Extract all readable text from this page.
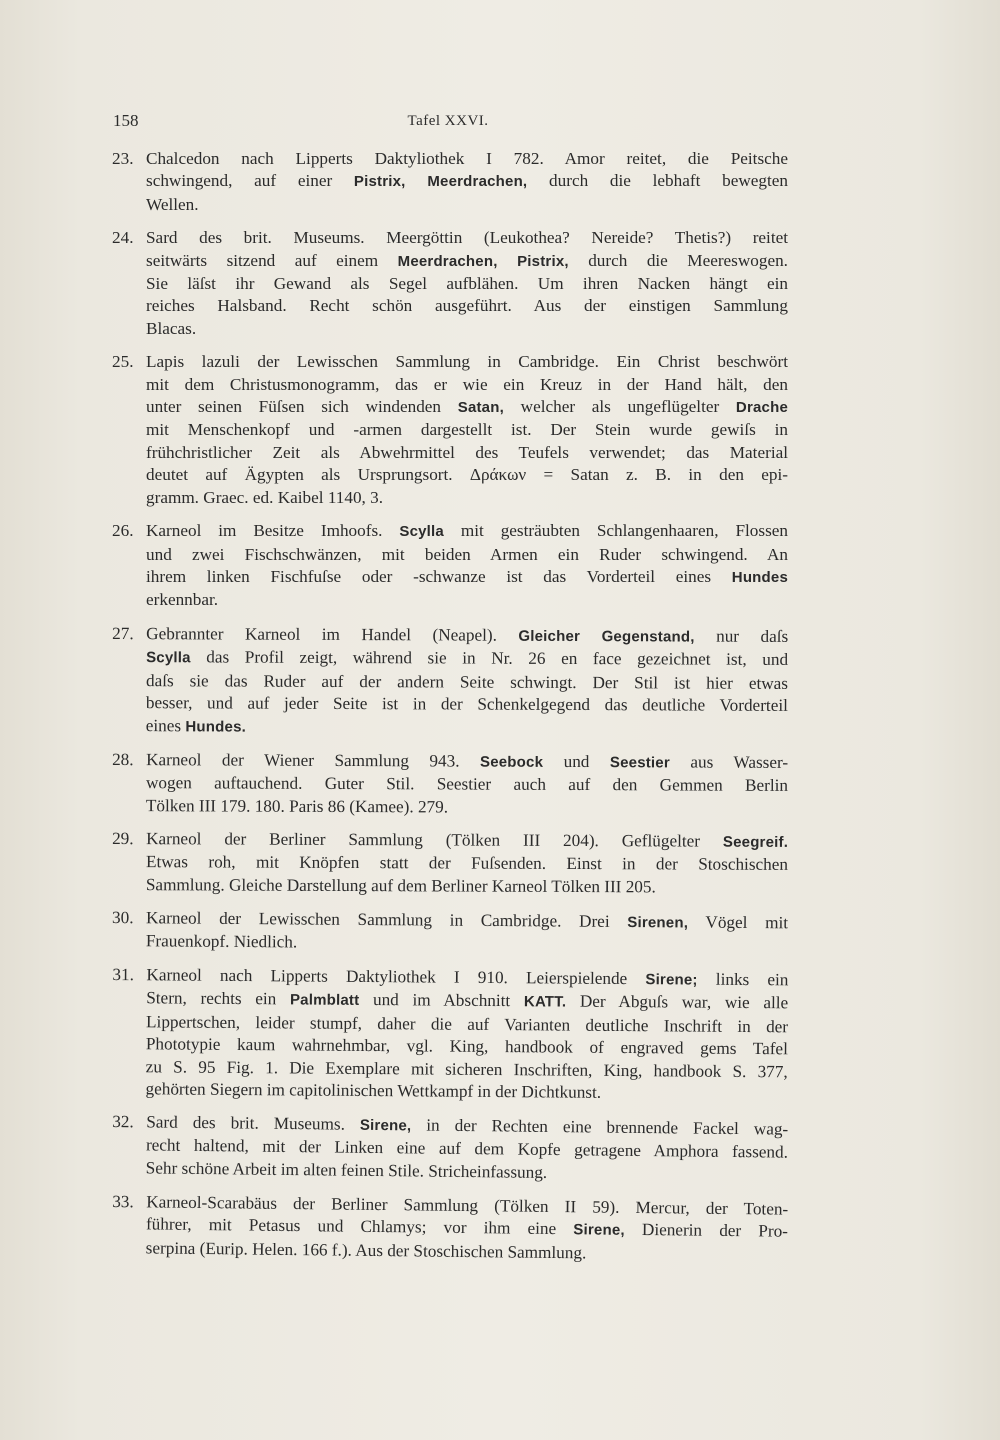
158	Tafel XXVI.
23. Chalcedon nach Lipperts Daktyliothek I 782. Amor reitet, die Peitsche
schwingend, auf einer Pistrix, Meerdrachen, durch die lebhaft bewegten
Wellen.
24. Sard des brit. Museums. Meergöttin (Leukothea? Nereide? Thetis?) reitet
seitwärts sitzend auf einem Meerdrachen, Pistrix, durch die Meereswogen.
Sie läſst ihr Gewand als Segel aufblähen. Um ihren Nacken hängt ein
reiches Halsband. Recht schön ausgeführt. Aus der einstigen Sammlung
Blacas.
25. Lapis lazuli der Lewisschen Sammlung in Cambridge. Ein Christ beschwört
mit dem Christusmonogramm, das er wie ein Kreuz in der Hand hält, den
unter seinen Füſsen sich windenden Satan, welcher als ungeflügelter Drache
mit Menschenkopf und -armen dargestellt ist. Der Stein wurde gewiſs in
frühchristlicher Zeit als Abwehrmittel des Teufels verwendet; das Material
deutet auf Ägypten als Ursprungsort. Δράκων = Satan z. B. in den epi-
gramm. Graec. ed. Kaibel 1140, 3.
26. Karneol im Besitze Imhoofs. Scylla mit gesträubten Schlangenhaaren, Flossen
und zwei Fischschwänzen, mit beiden Armen ein Ruder schwingend. An
ihrem linken Fischfuſse oder -schwanze ist das Vorderteil eines Hundes
erkennbar.
27. Gebrannter Karneol im Handel (Neapel). Gleicher Gegenstand, nur daſs
Scylla das Profil zeigt, während sie in Nr. 26 en face gezeichnet ist, und
daſs sie das Ruder auf der andern Seite schwingt. Der Stil ist hier etwas
besser, und auf jeder Seite ist in der Schenkelgegend das deutliche Vorderteil
eines Hundes.
28. Karneol der Wiener Sammlung 943. Seebock und Seestier aus Wasser-
wogen auftauchend. Guter Stil. Seestier auch auf den Gemmen Berlin
Tölken III 179. 180. Paris 86 (Kamee). 279.
29. Karneol der Berliner Sammlung (Tölken III 204). Geflügelter Seegreif.
Etwas roh, mit Knöpfen statt der Fuſsenden. Einst in der Stoschischen
Sammlung. Gleiche Darstellung auf dem Berliner Karneol Tölken III 205.
30. Karneol der Lewisschen Sammlung in Cambridge. Drei Sirenen, Vögel mit
Frauenkopf. Niedlich.
31. Karneol nach Lipperts Daktyliothek I 910. Leierspielende Sirene; links ein
Stern, rechts ein Palmblatt und im Abschnitt ΚΑΤΤ. Der Abguſs war, wie alle
Lippertschen, leider stumpf, daher die auf Varianten deutliche Inschrift in der
Phototypie kaum wahrnehmbar, vgl. King, handbook of engraved gems Tafel
zu S. 95 Fig. 1. Die Exemplare mit sicheren Inschriften, King, handbook S. 377,
gehörten Siegern im capitolinischen Wettkampf in der Dichtkunst.
32. Sard des brit. Museums. Sirene, in der Rechten eine brennende Fackel wag-
recht haltend, mit der Linken eine auf dem Kopfe getragene Amphora fassend.
Sehr schöne Arbeit im alten feinen Stile. Stricheinfassung.
33. Karneol-Scarabäus der Berliner Sammlung (Tölken II 59). Mercur, der Toten-
führer, mit Petasus und Chlamys; vor ihm eine Sirene, Dienerin der Pro-
serpina (Eurip. Helen. 166 f.). Aus der Stoschischen Sammlung.
